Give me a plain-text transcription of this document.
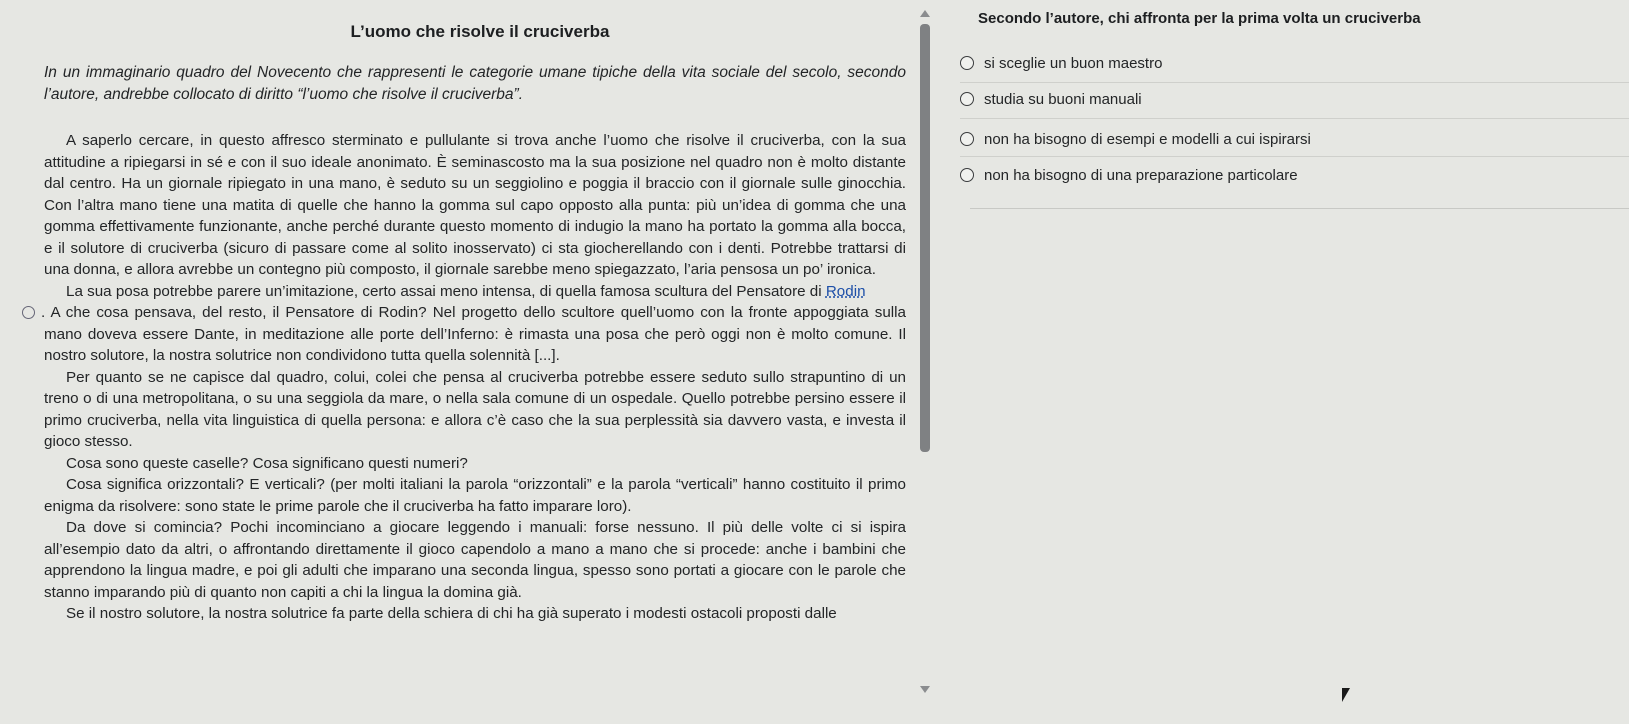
L’uomo che risolve il cruciverba

In un immaginario quadro del Novecento che rappresenti le categorie umane tipiche della vita sociale del secolo, secondo l’autore, andrebbe collocato di diritto “l’uomo che risolve il cruciverba”.

A saperlo cercare, in questo affresco sterminato e pullulante si trova anche l’uomo che risolve il cruciverba, con la sua attitudine a ripiegarsi in sé e con il suo ideale anonimato. È seminascosto ma la sua posizione nel quadro non è molto distante dal centro. Ha un giornale ripiegato in una mano, è seduto su un seggiolino e poggia il braccio con il giornale sulle ginocchia. Con l’altra mano tiene una matita di quelle che hanno la gomma sul capo opposto alla punta: più un’idea di gomma che una gomma effettivamente funzionante, anche perché durante questo momento di indugio la mano ha portato la gomma alla bocca, e il solutore di cruciverba (sicuro di passare come al solito inosservato) ci sta giocherellando con i denti. Potrebbe trattarsi di una donna, e allora avrebbe un contegno più composto, il giornale sarebbe meno spiegazzato, l’aria pensosa un po’ ironica.

La sua posa potrebbe parere un’imitazione, certo assai meno intensa, di quella famosa scultura del Pensatore di Rodin
. A che cosa pensava, del resto, il Pensatore di Rodin? Nel progetto dello scultore quell’uomo con la fronte appoggiata sulla mano doveva essere Dante, in meditazione alle porte dell’Inferno: è rimasta una posa che però oggi non è molto comune. Il nostro solutore, la nostra solutrice non condividono tutta quella solennità [...].

Per quanto se ne capisce dal quadro, colui, colei che pensa al cruciverba potrebbe essere seduto sullo strapuntino di un treno o di una metropolitana, o su una seggiola da mare, o nella sala comune di un ospedale. Quello potrebbe persino essere il primo cruciverba, nella vita linguistica di quella persona: e allora c’è caso che la sua perplessità sia davvero vasta, e investa il gioco stesso.

Cosa sono queste caselle? Cosa significano questi numeri?

Cosa significa orizzontali? E verticali? (per molti italiani la parola “orizzontali” e la parola “verticali” hanno costituito il primo enigma da risolvere: sono state le prime parole che il cruciverba ha fatto imparare loro).

Da dove si comincia? Pochi incominciano a giocare leggendo i manuali: forse nessuno. Il più delle volte ci si ispira all’esempio dato da altri, o affrontando direttamente il gioco capendolo a mano a mano che si procede: anche i bambini che apprendono la lingua madre, e poi gli adulti che imparano una seconda lingua, spesso sono portati a giocare con le parole che stanno imparando più di quanto non capiti a chi la lingua la domina già.

Se il nostro solutore, la nostra solutrice fa parte della schiera di chi ha già superato i modesti ostacoli proposti dalle

Secondo l’autore, chi affronta per la prima volta un cruciverba
si sceglie un buon maestro
studia su buoni manuali
non ha bisogno di esempi e modelli a cui ispirarsi
non ha bisogno di una preparazione particolare
